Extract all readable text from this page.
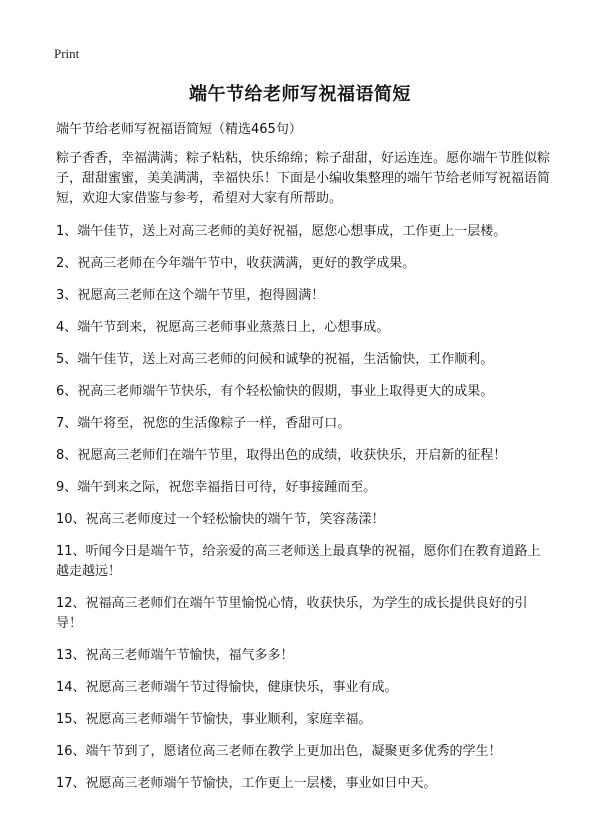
Print
端午节给老师写祝福语简短

端午节给老师写祝福语简短（精选465句）

粽子香香，幸福满满；粽子粘粘，快乐绵绵；粽子甜甜，好运连连。愿你端午节胜似粽子，甜甜蜜蜜，美美满满，幸福快乐！下面是小编收集整理的端午节给老师写祝福语简短，欢迎大家借鉴与参考，希望对大家有所帮助。

1、端午佳节，送上对高三老师的美好祝福，愿您心想事成，工作更上一层楼。
2、祝高三老师在今年端午节中，收获满满，更好的教学成果。
3、祝愿高三老师在这个端午节里，抱得圆满！
4、端午节到来，祝愿高三老师事业蒸蒸日上，心想事成。
5、端午佳节，送上对高三老师的问候和诚挚的祝福，生活愉快，工作顺利。
6、祝高三老师端午节快乐，有个轻松愉快的假期，事业上取得更大的成果。
7、端午将至，祝您的生活像粽子一样，香甜可口。
8、祝愿高三老师们在端午节里，取得出色的成绩，收获快乐，开启新的征程！
9、端午到来之际，祝您幸福指日可待，好事接踵而至。
10、祝高三老师度过一个轻松愉快的端午节，笑容荡漾！
11、听闻今日是端午节，给亲爱的高三老师送上最真挚的祝福，愿你们在教育道路上越走越远！
12、祝福高三老师们在端午节里愉悦心情，收获快乐，为学生的成长提供良好的引导！
13、祝高三老师端午节愉快，福气多多！
14、祝愿高三老师端午节过得愉快，健康快乐，事业有成。
15、祝愿高三老师端午节愉快，事业顺利，家庭幸福。
16、端午节到了，愿诸位高三老师在教学上更加出色，凝聚更多优秀的学生！
17、祝愿高三老师端午节愉快，工作更上一层楼，事业如日中天。
